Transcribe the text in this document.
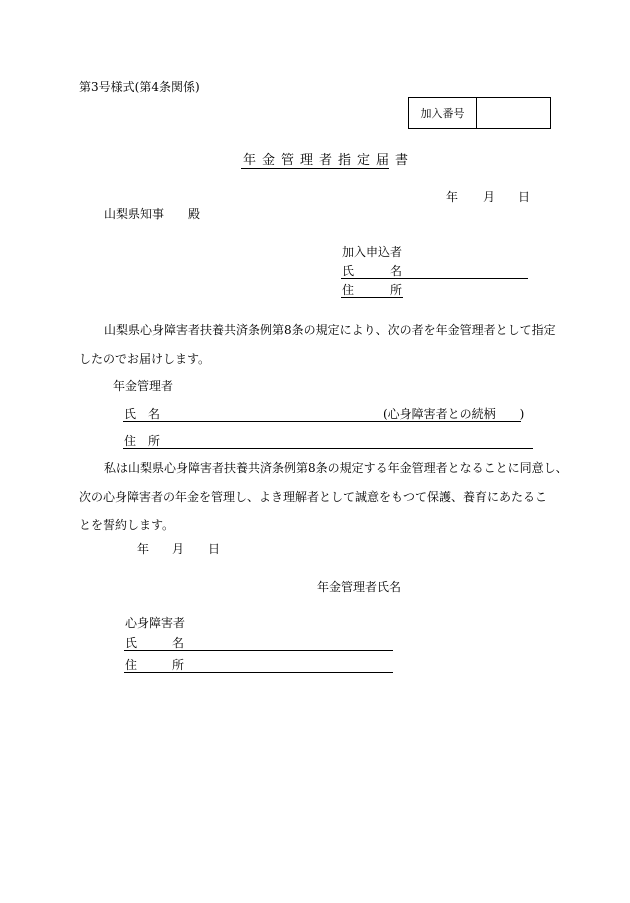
第3号様式(第4条関係)
加入番号
年金管理者指定届書
年 月 日
山梨県知事　　殿
加入申込者
氏	名
住	所
山梨県心身障害者扶養共済条例第8条の規定により、次の者を年金管理者として指定
したのでお届けします。
年金管理者
氏　名	(心身障害者との続柄　　)
住　所
私は山梨県心身障害者扶養共済条例第8条の規定する年金管理者となることに同意し、
次の心身障害者の年金を管理し、よき理解者として誠意をもつて保護、養育にあたるこ
とを誓約します。
年 月 日
年金管理者氏名
心身障害者
氏	名
住	所
